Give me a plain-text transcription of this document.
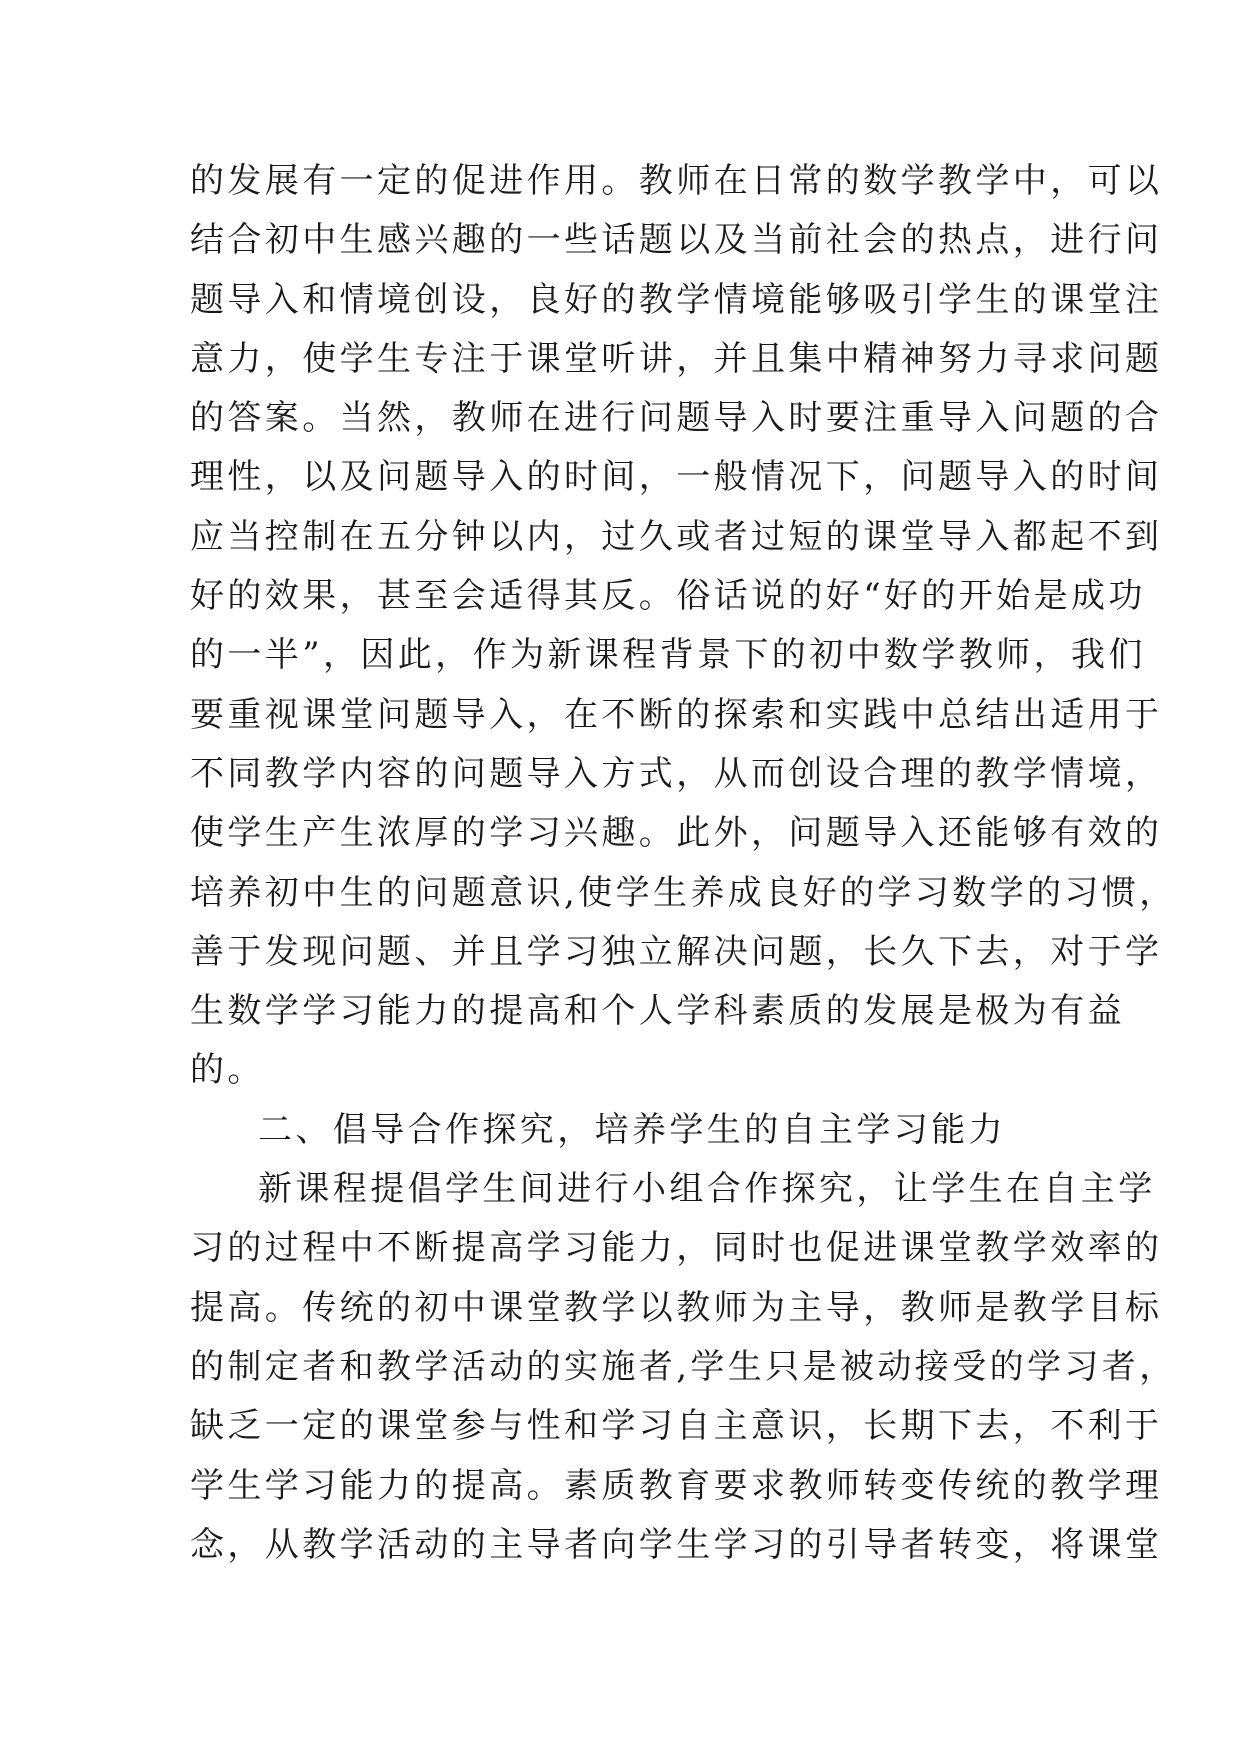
的发展有一定的促进作用。教师在日常的数学教学中，可以
结合初中生感兴趣的一些话题以及当前社会的热点，进行问
题导入和情境创设，良好的教学情境能够吸引学生的课堂注
意力，使学生专注于课堂听讲，并且集中精神努力寻求问题
的答案。当然，教师在进行问题导入时要注重导入问题的合
理性，以及问题导入的时间，一般情况下，问题导入的时间
应当控制在五分钟以内，过久或者过短的课堂导入都起不到
好的效果，甚至会适得其反。俗话说的好“好的开始是成功
的一半”，因此，作为新课程背景下的初中数学教师，我们
要重视课堂问题导入，在不断的探索和实践中总结出适用于
不同教学内容的问题导入方式，从而创设合理的教学情境，
使学生产生浓厚的学习兴趣。此外，问题导入还能够有效的
培养初中生的问题意识,使学生养成良好的学习数学的习惯，
善于发现问题、并且学习独立解决问题，长久下去，对于学
生数学学习能力的提高和个人学科素质的发展是极为有益
的。
二、倡导合作探究，培养学生的自主学习能力
新课程提倡学生间进行小组合作探究，让学生在自主学
习的过程中不断提高学习能力，同时也促进课堂教学效率的
提高。传统的初中课堂教学以教师为主导，教师是教学目标
的制定者和教学活动的实施者,学生只是被动接受的学习者，
缺乏一定的课堂参与性和学习自主意识，长期下去，不利于
学生学习能力的提高。素质教育要求教师转变传统的教学理
念，从教学活动的主导者向学生学习的引导者转变，将课堂
